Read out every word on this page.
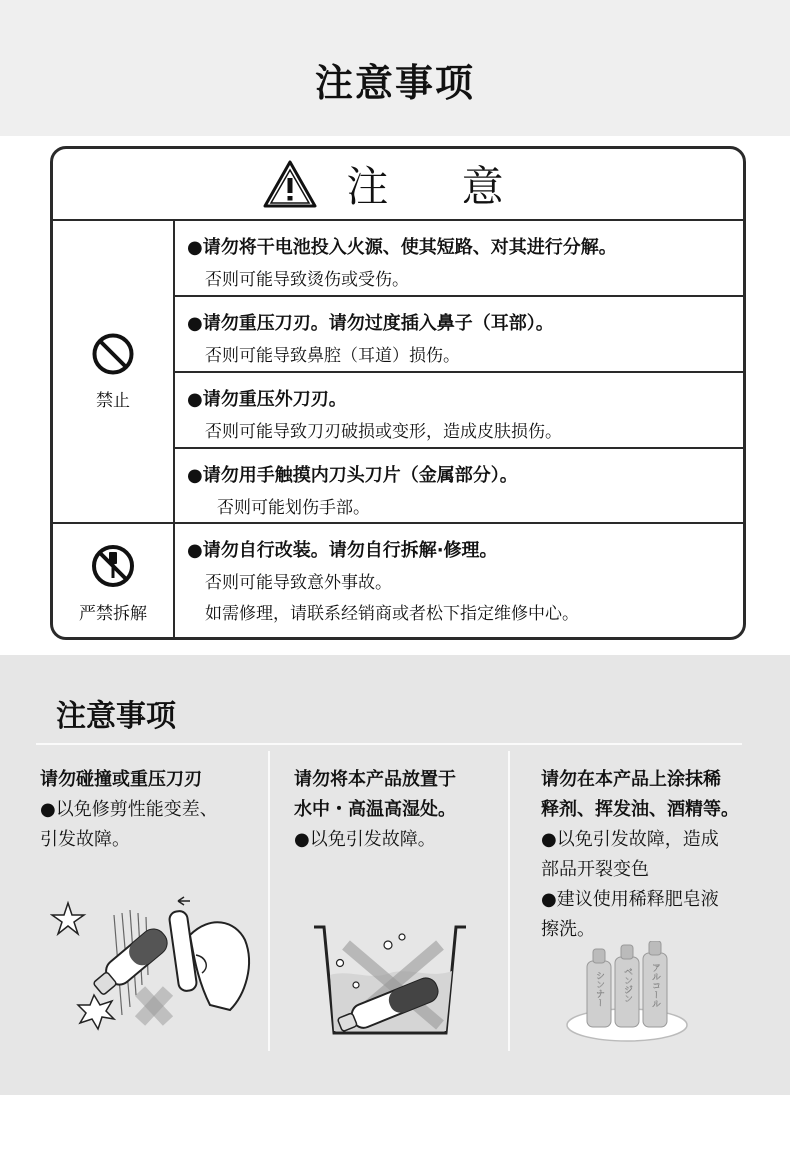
注意事项
注 意
禁止
严禁拆解
●请勿将干电池投入火源、使其短路、对其进行分解。
否则可能导致烫伤或受伤。
●请勿重压刀刃。请勿过度插入鼻子（耳部）。
否则可能导致鼻腔（耳道）损伤。
●请勿重压外刀刃。
否则可能导致刀刃破损或变形，造成皮肤损伤。
●请勿用手触摸内刀头刀片（金属部分）。
否则可能划伤手部。
●请勿自行改装。请勿自行拆解·修理。
否则可能导致意外事故。
如需修理，请联系经销商或者松下指定维修中心。
注意事项
请勿碰撞或重压刀刃
●以免修剪性能变差、
引发故障。
请勿将本产品放置于
水中・高温高湿处。
●以免引发故障。
请勿在本产品上涂抹稀
释剂、挥发油、酒精等。
●以免引发故障，造成
部品开裂变色
●建议使用稀释肥皂液
擦洗。
シンナー ベンジン アルコール
